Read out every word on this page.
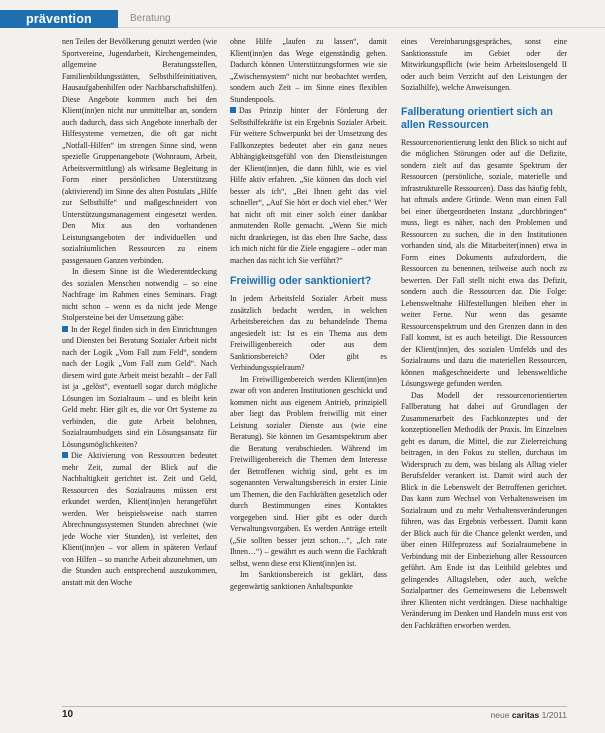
prävention	Beratung

nen Teilen der Bevölkerung genutzt werden (wie Sportvereine, Jugendarbeit, Kirchengemeinden, allgemeine Beratungsstellen, Familienbildungsstätten, Selbsthilfeinitiativen, Hausaufgabenhilfen oder Nachbarschaftshilfen). Diese Angebote kommen auch bei den Klient(inn)en nicht nur unmittelbar an, sondern auch dadurch, dass sich Angebote innerhalb der Hilfesysteme vernetzen, die oft gar nicht „Notfall-Hilfen“ im strengen Sinne sind, wenn spezielle Gruppenangebote (Wohnraum, Arbeit, Arbeitsvermittlung) als wirksame Begleitung in Form einer persönlichen Unterstützung (aktivierend) im Sinne des alten Postulats „Hilfe zur Selbsthilfe“ und maßgeschneidert von Unterstützungsmanagement eingesetzt werden. Den Mix aus den vorhandenen Leistungsangeboten der individuellen und sozialräumlichen Ressourcen zu einem passgenauen Ganzen verbinden.

In diesem Sinne ist die Wiederentdeckung des sozialen Menschen notwendig – so eine Nachfrage im Rahmen eines Seminars. Fragt nicht schon – wenn es da nicht jede Menge Stolpersteine bei der Umsetzung gäbe:

In der Regel finden sich in den Einrichtungen und Diensten bei Beratung Sozialer Arbeit nicht nach der Logik „Vom Fall zum Feld“, sondern nach der Logik „Vom Fall zum Geld“. Nach diesem wird gute Arbeit meist bezahlt – der Fall ist ja „gelöst“, eventuell sogar durch mögliche Lösungen im Sozialraum – und es bleibt kein Geld mehr. Hier gilt es, die vor Ort Systeme zu verbinden, die gute Arbeit belohnen, Sozialraumbudgets sind ein Lösungsansatz für Lösungsmöglichkeiten?

Die Aktivierung von Ressourcen bedeutet mehr Zeit, zumal der Blick auf die Nachhaltigkeit gerichtet ist. Zeit und Geld, Ressourcen des Sozialraums müssen erst erkundet werden, Klient(inn)en herangeführt werden. Wer beispielsweise nach starren Abrechnungssystemen Stunden abrechnet (wie jede Woche vier Stunden), ist verleitet, den Klient(inn)en – vor allem in späteren Verlauf von Hilfen – so manche Arbeit abzunehmen, um die Stunden auch entsprechend auszukommen, anstatt mit den Woche

ohne Hilfe „laufen zu lassen“, damit Klient(inn)en das Wege eigenständig gehen. Dadurch können Unterstützungsformen wie sie „Zwischensystem“ nicht nur beobachtet werden, sondern auch Zeit – im Sinne eines flexiblen Stundenpools.

Das Prinzip hinter der Förderung der Selbsthilfekräfte ist ein Ergebnis Sozialer Arbeit. Für weitere Schwerpunkt bei der Umsetzung des Fallkonzeptes bedeutet aber ein ganz neues Abhängigkeitsgefühl von den Dienstleistungen der Klient(inn)en, die dann fühlt, wie es viel Hilfe aktiv erfahren. „Sie können das doch viel besser als ich“, „Bei Ihnen geht das viel schneller“, „Auf Sie hört er doch viel eher.“ Wer hat nicht oft mit einer solch einer dankbar anmutenden Rolle gemacht. „Wenn Sie mich nicht drankriegen, ist das eben Ihre Sache, dass ich mich nicht für die Ziele engagiere – oder man machen das nicht ich Sie verführt?“

Freiwillig oder sanktioniert?

In jedem Arbeitsfeld Sozialer Arbeit muss zusätzlich bedacht werden, in welchen Arbeitsbereichen das zu behandelnde Thema angesiedelt ist: Ist es ein Thema aus dem Freiwilligenbereich oder aus dem Sanktionsbereich? Oder gibt es Verbindungsspielraum?

Im Freiwilligenbereich werden Klient(inn)en zwar oft von anderen Institutionen geschickt und kommen nicht aus eigenem Antrieb, prinzipiell aber liegt das Problem freiwillig mit einer Leistung sozialer Dienste aus (wie eine Beratung). Sie können im Gesamtspektrum aber die Beratung verabschieden. Während im Freiwilligenbereich die Themen dem Interesse der Betroffenen wichtig sind, geht es im sogenannten Verwaltungsbereich in erster Linie um Themen, die den Fachkräften gesetzlich oder durch Bestimmungen eines Kontaktes vorgegeben sind. Hier gibt es oder durch Verwaltungsvorgaben. Es werden Anträge erteilt („Sie sollten besser jetzt schon…“, „Ich rate Ihnen…“) – gewährt es auch wenn die Fachkraft selbst, wenn diese erst Klient(inn)en ist.

Im Sanktionsbereich ist geklärt, dass gegenwärtig sanktionen Anhaltspunkte

eines Vereinbarungsgespräches, sonst eine Sanktionsstufe im Gebiet oder der Mitwirkungspflicht (wie beim Arbeitslosengeld II oder auch beim Verzicht auf den Leistungen der Sozialhilfe), welche Anweisungen.

Fallberatung orientiert sich an allen Ressourcen

Ressourcenorientierung lenkt den Blick so nicht auf die möglichen Störungen oder auf die Defizite, sondern zielt auf das gesamte Spektrum der Ressourcen (persönliche, soziale, materielle und infrastrukturelle Ressourcen). Dass das häufig fehlt, hat oftmals andere Gründe. Wenn man einen Fall bei einer übergeordneten Instanz „durchbringen“ muss, liegt es näher, nach den Problemen und Ressourcen zu suchen, die in den Institutionen vorhanden sind, als die Mitarbeiter(innen) etwa in Form eines Dokuments aufzufordern, die Ressourcen zu benennen, teilweise auch noch zu bewerten. Der Fall stellt nicht etwa das Defizit, sondern auch die Ressourcen dar. Die Folge: Lebensweltnahe Hilfestellungen bleiben eher in weiter Ferne. Nur wenn das gesamte Ressourcenspektrum und den Grenzen dann in den Fall kommt, ist es auch beteiligt. Die Ressourcen der Klient(inn)en, des sozialen Umfelds und des Sozialraums und dazu die materiellen Ressourcen, können maßgeschneiderte und lebensweltliche Lösungswege gefunden werden.

Das Modell der ressourcenorientierten Fallberatung hat dabei auf Grundlagen der Zusammenarbeit des Fachkonzeptes und der konzeptionellen Methodik der Praxis. Im Einzelnen geht es darum, die Mittel, die zur Zielerreichung beitragen, in den Fokus zu stellen, durchaus im Widerspruch zu dem, was bislang als Alltag vieler Berufsfelder verankert ist. Damit wird auch der Blick in die Lebenswelt der Betroffenen gerichtet. Das kann zum Wechsel von Verhaltensweisen im Sozialraum und zu mehr Verhaltensveränderungen führen, was das Ergebnis verbessert. Damit kann der Blick auch für die Chance gelenkt werden, und über einen Hilfeprozess auf Sozialraumebene in Verbindung mit der Einbeziehung aller Ressourcen geführt. Am Ende ist das Leitbild gelebtes und gelingendes Alltagsleben, oder auch, welche Sozialpartner des Gemeinwesens die Lebenswelt ihrer Klienten nicht verdrängen. Diese nachhaltige Veränderung im Denken und Handeln muss erst von den Fachkräften erworben werden.

10	neue caritas 1/2011
